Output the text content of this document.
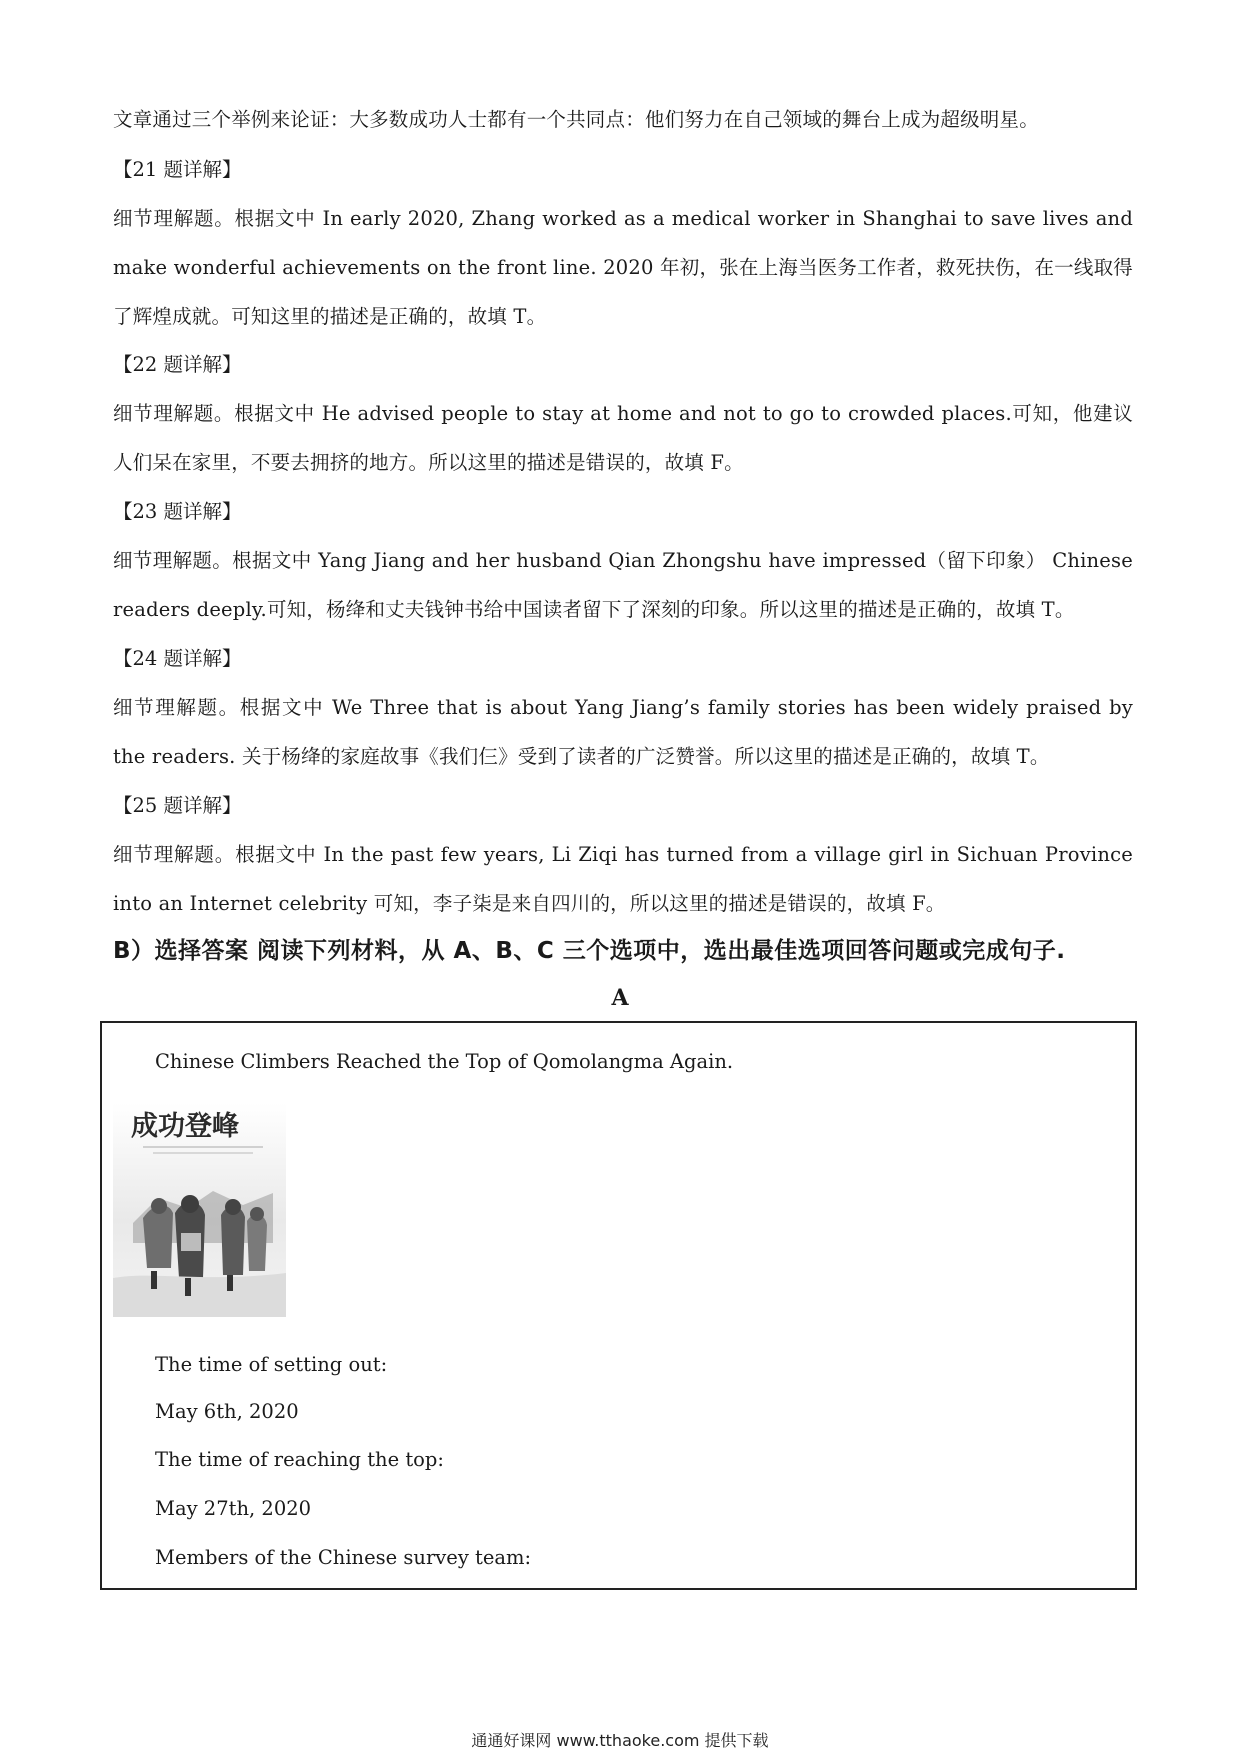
文章通过三个举例来论证：大多数成功人士都有一个共同点：他们努力在自己领域的舞台上成为超级明星。
【21 题详解】
细节理解题。根据文中 In early 2020, Zhang worked as a medical worker in Shanghai to save lives and make wonderful achievements on the front line. 2020 年初，张在上海当医务工作者，救死扶伤，在一线取得了辉煌成就。可知这里的描述是正确的，故填 T。
【22 题详解】
细节理解题。根据文中 He advised people to stay at home and not to go to crowded places.可知，他建议人们呆在家里，不要去拥挤的地方。所以这里的描述是错误的，故填 F。
【23 题详解】
细节理解题。根据文中 Yang Jiang and her husband Qian Zhongshu have impressed（留下印象） Chinese readers deeply.可知，杨绛和丈夫钱钟书给中国读者留下了深刻的印象。所以这里的描述是正确的，故填 T。
【24 题详解】
细节理解题。根据文中 We Three that is about Yang Jiang’s family stories has been widely praised by the readers. 关于杨绛的家庭故事《我们仨》受到了读者的广泛赞誉。所以这里的描述是正确的，故填 T。
【25 题详解】
细节理解题。根据文中 In the past few years, Li Ziqi has turned from a village girl in Sichuan Province into an Internet celebrity 可知，李子柒是来自四川的，所以这里的描述是错误的，故填 F。
B）选择答案 阅读下列材料，从 A、B、C 三个选项中，选出最佳选项回答问题或完成句子.
A
Chinese Climbers Reached the Top of Qomolangma Again.
成功登峰
The time of setting out:
May 6th, 2020
The time of reaching the top:
May 27th, 2020
Members of the Chinese survey team:
通通好课网 www.tthaoke.com 提供下载
